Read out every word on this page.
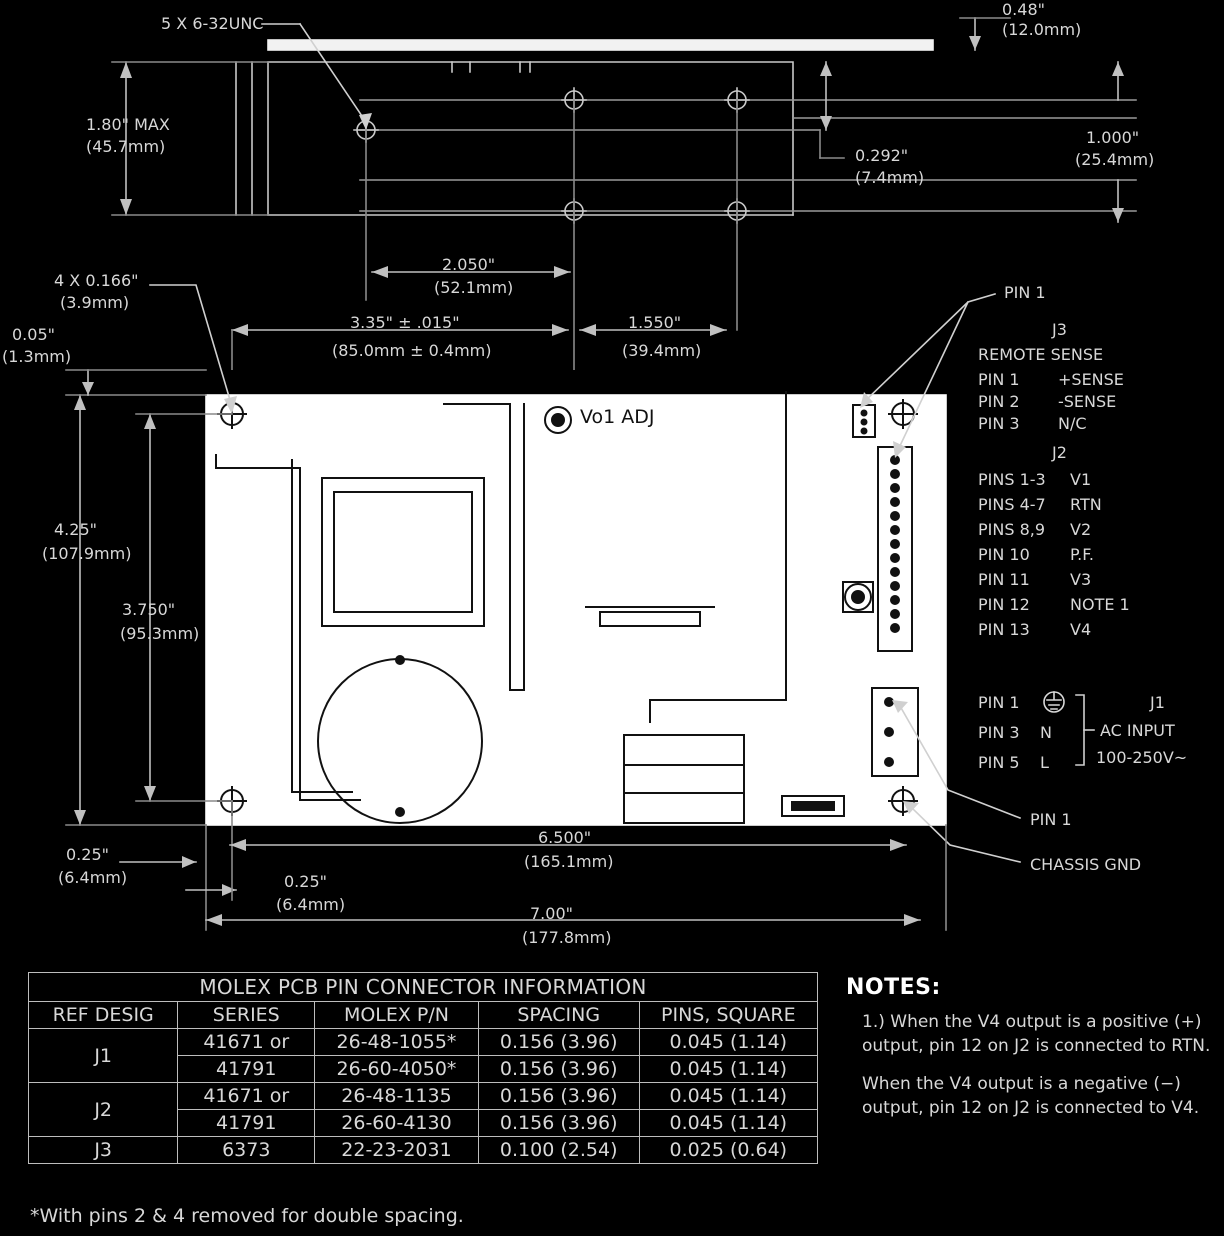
5 X 6-32UNC
0.48"
(12.0mm)
1.80" MAX
(45.7mm)	0.292"
(7.4mm)
1.000"
(25.4mm)
2.050"
(52.1mm)
3.35" ± .015"
(85.0mm ± 0.4mm)
1.550"
(39.4mm)
4 X 0.166"
(3.9mm)
0.05"
(1.3mm)
4.25"
(107.9mm)
3.750"
(95.3mm)
0.25"
(6.4mm)	0.25"
(6.4mm)
6.500"
(165.1mm)
7.00"
(177.8mm)
Vo1 ADJ
Vo2
ADJ
J3
J2
J1
F1
PIN 1
PIN 1
CHASSIS GND
J3
REMOTE SENSE
PIN 1 +SENSE
PIN 2 -SENSE
PIN 3 N/C
J2
PINS 1-3 V1
PINS 4-7 RTN
PINS 8,9 V2
PIN 10	P.F.
PIN 11	V3
PIN 12	NOTE 1
PIN 13	V4
PIN 1
PIN 3 N
PIN 5 L
J1
AC INPUT
100-250V~
MOLEX PCB PIN CONNECTOR INFORMATION				
REF DESIG	SERIES	MOLEX P/N	SPACING	PINS, SQUARE
J1	41671 or	26-48-1055*	0.156 (3.96)	0.045 (1.14)
	41791	26-60-4050*	0.156 (3.96)	0.045 (1.14)
J2	41671 or	26-48-1135	0.156 (3.96)	0.045 (1.14)
	41791	26-60-4130	0.156 (3.96)	0.045 (1.14)
J3	6373	22-23-2031	0.100 (2.54)	0.025 (0.64)
*With pins 2 & 4 removed for double spacing.
NOTES:

1.) When the V4 output is a positive (+) output, pin 12 on J2 is connected to RTN.

When the V4 output is a negative (−) output, pin 12 on J2 is connected to V4.
